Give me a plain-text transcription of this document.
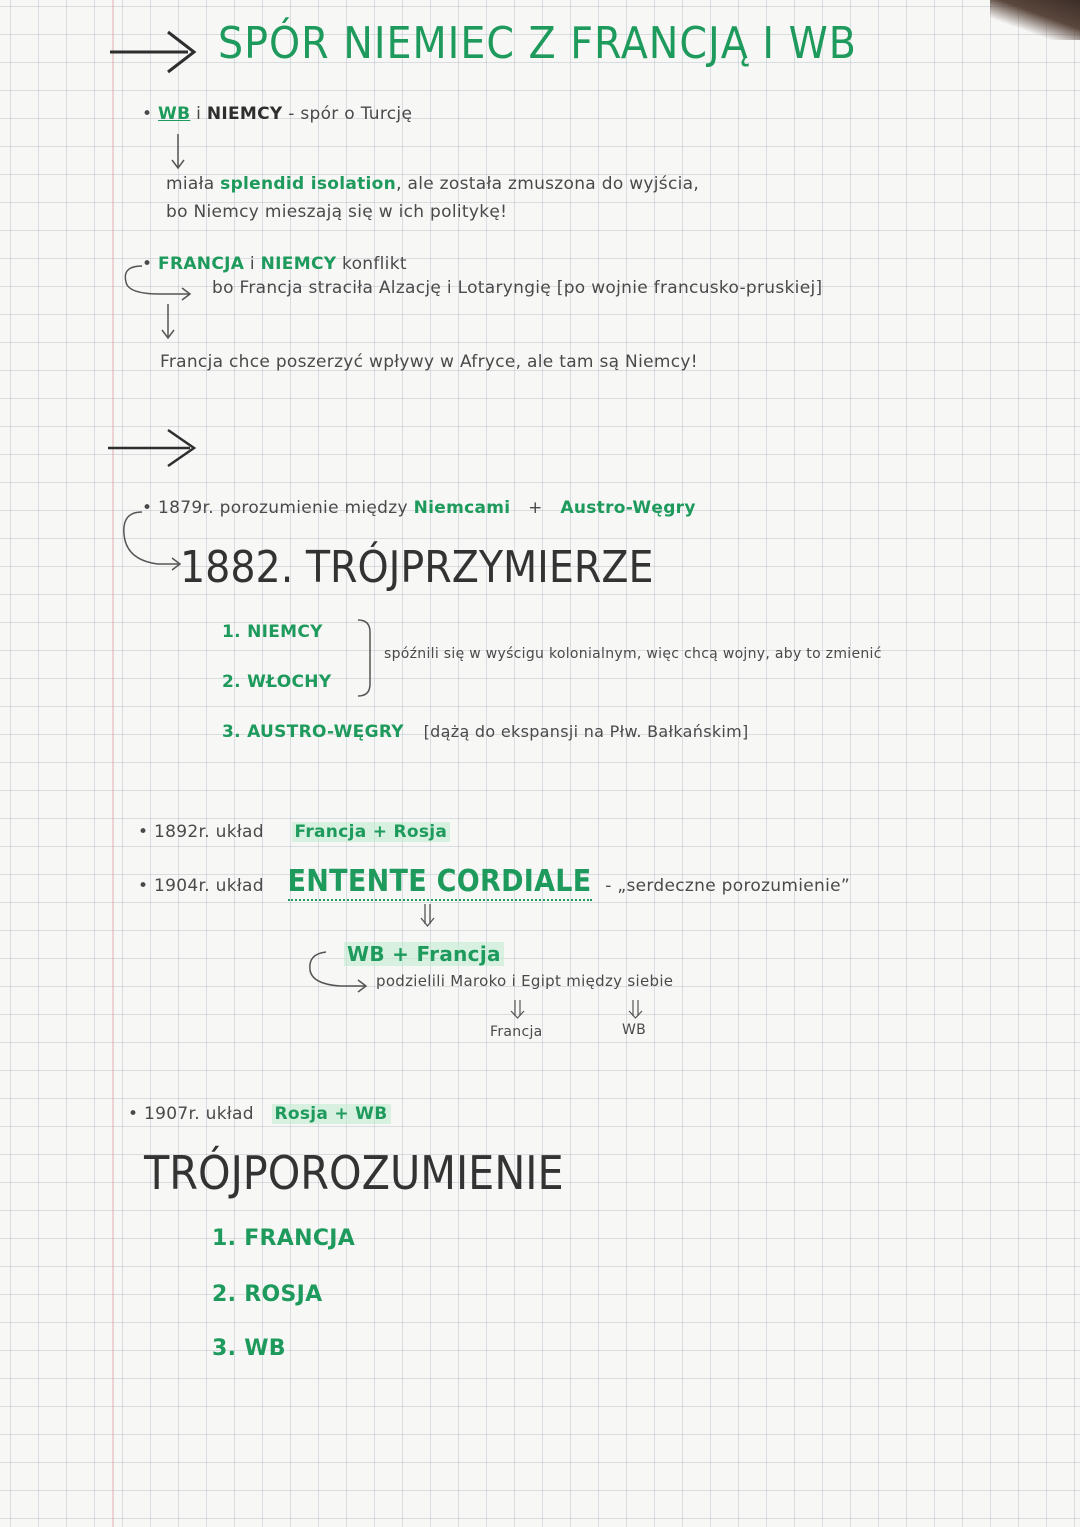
SPÓR NIEMIEC Z FRANCJĄ I WB
• WB i NIEMCY - spór o Turcję
miała splendid isolation, ale została zmuszona do wyjścia,
bo Niemcy mieszają się w ich politykę!
• FRANCJA i NIEMCY konflikt
bo Francja straciła Alzację i Lotaryngię [po wojnie francusko-pruskiej]
Francja chce poszerzyć wpływy w Afryce, ale tam są Niemcy!
• 1879r. porozumienie między Niemcami + Austro-Węgry
1882. TRÓJPRZYMIERZE
1. NIEMCY
2. WŁOCHY
spóźnili się w wyścigu kolonialnym, więc chcą wojny, aby to zmienić
3. AUSTRO-WĘGRY [dążą do ekspansji na Płw. Bałkańskim]
• 1892r. układ Francja + Rosja
• 1904r. układ ENTENTE CORDIALE - „serdeczne porozumienie”
WB + Francja
podzielili Maroko i Egipt między siebie
Francja	WB
• 1907r. układ Rosja + WB
TRÓJPOROZUMIENIE
1. FRANCJA
2. ROSJA
3. WB
